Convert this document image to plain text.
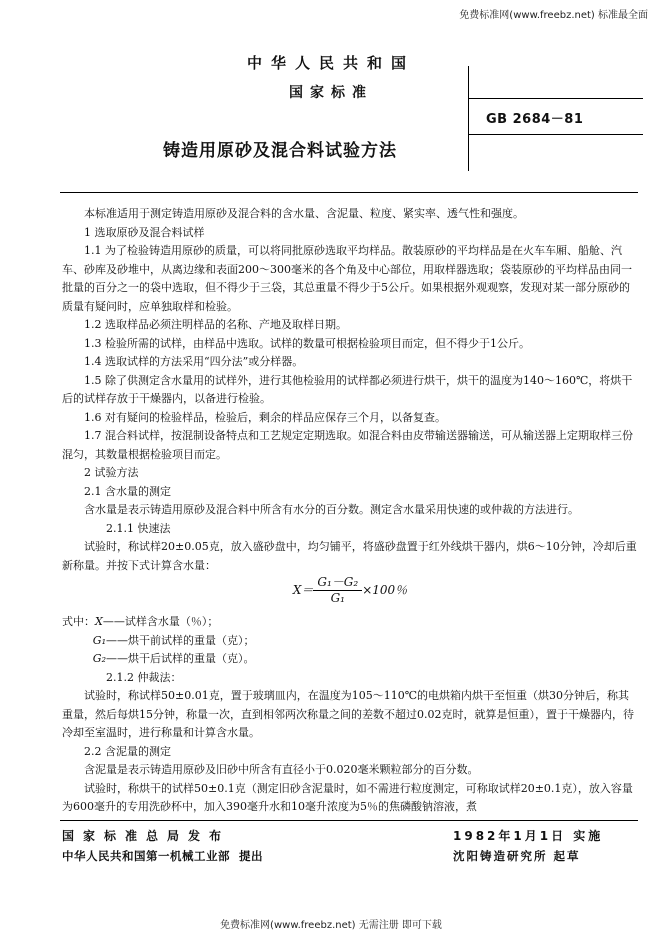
免费标准网(www.freebz.net) 标准最全面
中华人民共和国
国家标准
GB 2684－81
铸造用原砂及混合料试验方法

本标准适用于测定铸造用原砂及混合料的含水量、含泥量、粒度、紧实率、透气性和强度。

1 选取原砂及混合料试样

1.1 为了检验铸造用原砂的质量，可以将同批原砂选取平均样品。散装原砂的平均样品是在火车车厢、船舱、汽车、砂库及砂堆中，从离边缘和表面200～300毫米的各个角及中心部位，用取样器选取；袋装原砂的平均样品由同一批量的百分之一的袋中选取，但不得少于三袋，其总重量不得少于5公斤。如果根据外观观察，发现对某一部分原砂的质量有疑问时，应单独取样和检验。

1.2 选取样品必须注明样品的名称、产地及取样日期。

1.3 检验所需的试样，由样品中选取。试样的数量可根据检验项目而定，但不得少于1公斤。

1.4 选取试样的方法采用“四分法”或分样器。

1.5 除了供测定含水量用的试样外，进行其他检验用的试样都必须进行烘干，烘干的温度为140～160℃，将烘干后的试样存放于干燥器内，以备进行检验。

1.6 对有疑问的检验样品，检验后，剩余的样品应保存三个月，以备复查。

1.7 混合料试样，按混制设备特点和工艺规定定期选取。如混合料由皮带输送器输送，可从输送器上定期取样三份混匀，其数量根据检验项目而定。

2 试验方法

2.1 含水量的测定

含水量是表示铸造用原砂及混合料中所含有水分的百分数。测定含水量采用快速的或仲裁的方法进行。

2.1.1 快速法

试验时，称试样20±0.05克，放入盛砂盘中，均匀铺平，将盛砂盘置于红外线烘干器内，烘6～10分钟，冷却后重新称量。并按下式计算含水量：

$X= \frac{\text{G₁－G₂}}{\text{G₁}} \times 100$％

式中：X——试样含水量（％）；

G₁——烘干前试样的重量（克）；

G₂——烘干后试样的重量（克）。

2.1.2 仲裁法：

试验时，称试样50±0.01克，置于玻璃皿内，在温度为105～110℃的电烘箱内烘干至恒重（烘30分钟后，称其重量，然后每烘15分钟，称量一次，直到相邻两次称量之间的差数不超过0.02克时，就算是恒重），置于干燥器内，待冷却至室温时，进行称量和计算含水量。

2.2 含泥量的测定

含泥量是表示铸造用原砂及旧砂中所含有直径小于0.020毫米颗粒部分的百分数。

试验时，称烘干的试样50±0.1克（测定旧砂含泥量时，如不需进行粒度测定，可称取试样20±0.1克），放入容量为600毫升的专用洗砂杯中，加入390毫升水和10毫升浓度为5％的焦磷酸钠溶液，煮

国家标准总局发布
中华人民共和国第一机械工业部 提出
1982年1月1日 实施
沈阳铸造研究所 起草
免费标准网(www.freebz.net) 无需注册 即可下载
